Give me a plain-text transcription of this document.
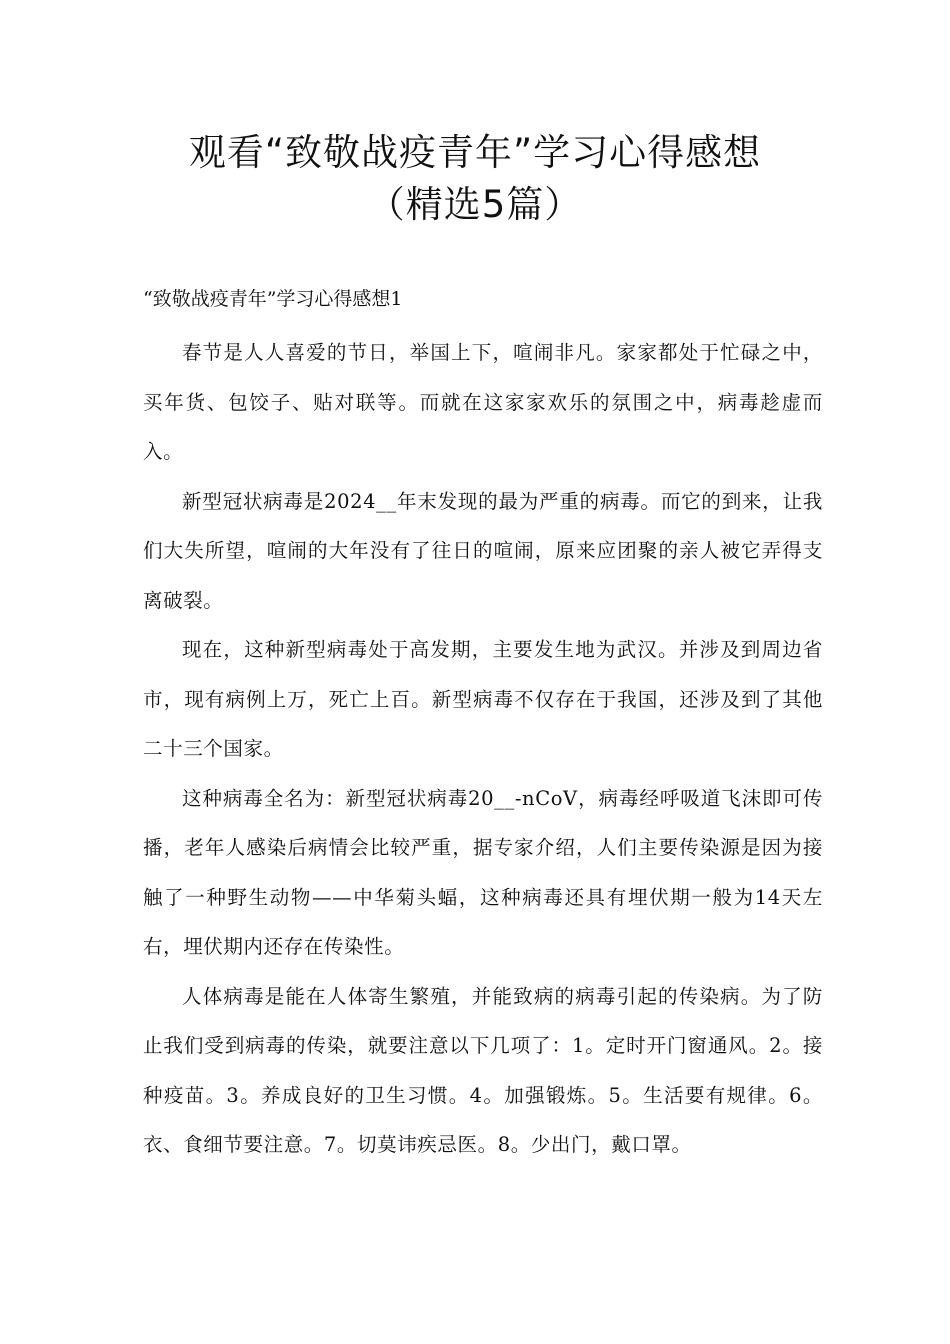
观看“致敬战疫青年”学习心得感想
（精选5篇）
“致敬战疫青年”学习心得感想1

春节是人人喜爱的节日，举国上下，喧闹非凡。家家都处于忙碌之中，买年货、包饺子、贴对联等。而就在这家家欢乐的氛围之中，病毒趁虚而入。

新型冠状病毒是2024__年末发现的最为严重的病毒。而它的到来，让我们大失所望，喧闹的大年没有了往日的喧闹，原来应团聚的亲人被它弄得支离破裂。

现在，这种新型病毒处于高发期，主要发生地为武汉。并涉及到周边省市，现有病例上万，死亡上百。新型病毒不仅存在于我国，还涉及到了其他二十三个国家。

这种病毒全名为：新型冠状病毒20__-nCoV，病毒经呼吸道飞沫即可传播，老年人感染后病情会比较严重，据专家介绍，人们主要传染源是因为接触了一种野生动物——中华菊头蝠，这种病毒还具有埋伏期一般为14天左右，埋伏期内还存在传染性。

人体病毒是能在人体寄生繁殖，并能致病的病毒引起的传染病。为了防止我们受到病毒的传染，就要注意以下几项了：1。定时开门窗通风。2。接种疫苗。3。养成良好的卫生习惯。4。加强锻炼。5。生活要有规律。6。衣、食细节要注意。7。切莫讳疾忌医。8。少出门，戴口罩。
